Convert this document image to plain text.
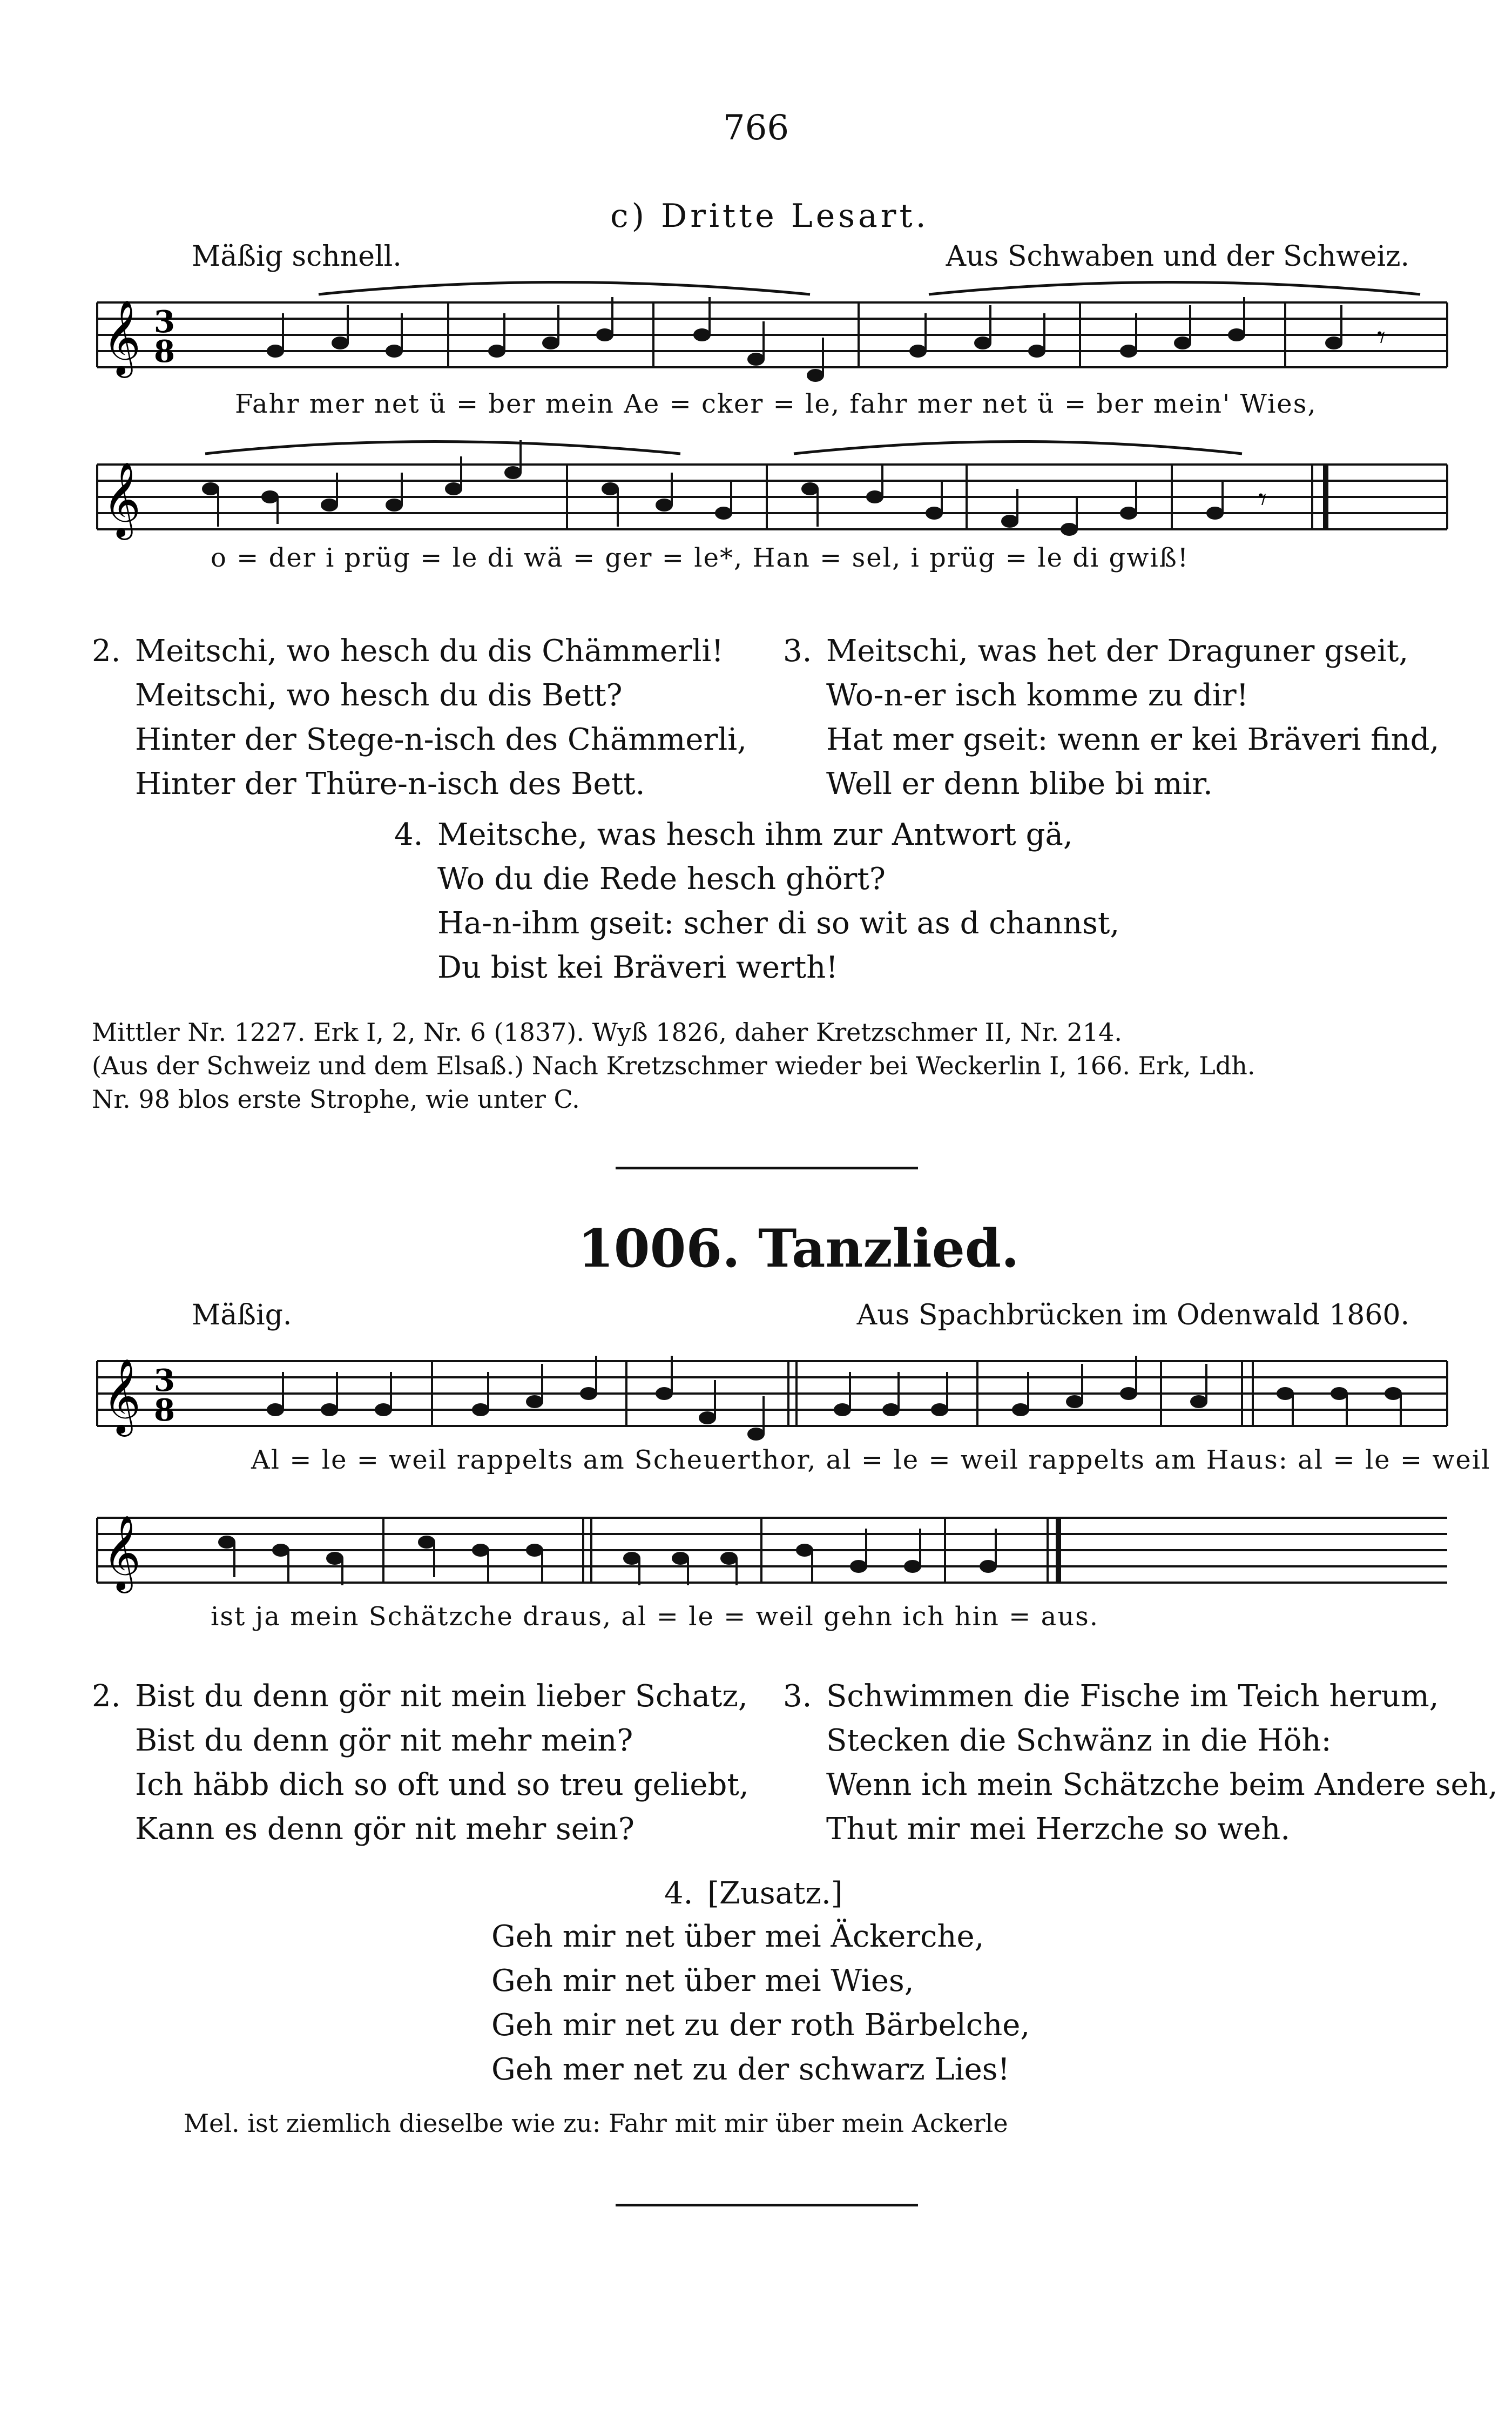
766
c) Dritte Lesart.
Mäßig schnell.	Aus Schwaben und der Schweiz.
𝄞 3
8	𝄾
Fahr mer net ü = ber mein Ae = cker = le, fahr mer net ü = ber mein' Wies,
𝄞	𝄾
o = der i prüg = le di wä = ger = le*, Han = sel, i prüg = le di gwiß!
2. Meitschi, wo hesch du dis Chämmerli!
Meitschi, wo hesch du dis Bett?
Hinter der Stege-n-isch des Chämmerli,
Hinter der Thüre-n-isch des Bett.
3. Meitschi, was het der Draguner gseit,
Wo-n-er isch komme zu dir!
Hat mer gseit: wenn er kei Bräveri find,
Well er denn blibe bi mir.
4. Meitsche, was hesch ihm zur Antwort gä,
Wo du die Rede hesch ghört?
Ha-n-ihm gseit: scher di so wit as d channst,
Du bist kei Bräveri werth!
Mittler Nr. 1227. Erk I, 2, Nr. 6 (1837). Wyß 1826, daher Kretzschmer II, Nr. 214.
(Aus der Schweiz und dem Elsaß.) Nach Kretzschmer wieder bei Weckerlin I, 166. Erk, Ldh.
Nr. 98 blos erste Strophe, wie unter C.
1006. Tanzlied.
Mäßig.	Aus Spachbrücken im Odenwald 1860.
𝄞 3
8
Al = le = weil rappelts am Scheuerthor, al = le = weil rappelts am Haus: al = le = weil
𝄞
ist ja mein Schätzche draus, al = le = weil gehn ich hin = aus.
2. Bist du denn gör nit mein lieber Schatz,
Bist du denn gör nit mehr mein?
Ich häbb dich so oft und so treu geliebt,
Kann es denn gör nit mehr sein?
3. Schwimmen die Fische im Teich herum,
Stecken die Schwänz in die Höh:
Wenn ich mein Schätzche beim Andere seh,
Thut mir mei Herzche so weh.
4. [Zusatz.]
Geh mir net über mei Äckerche,
Geh mir net über mei Wies,
Geh mir net zu der roth Bärbelche,
Geh mer net zu der schwarz Lies!
Mel. ist ziemlich dieselbe wie zu: Fahr mit mir über mein Ackerle
